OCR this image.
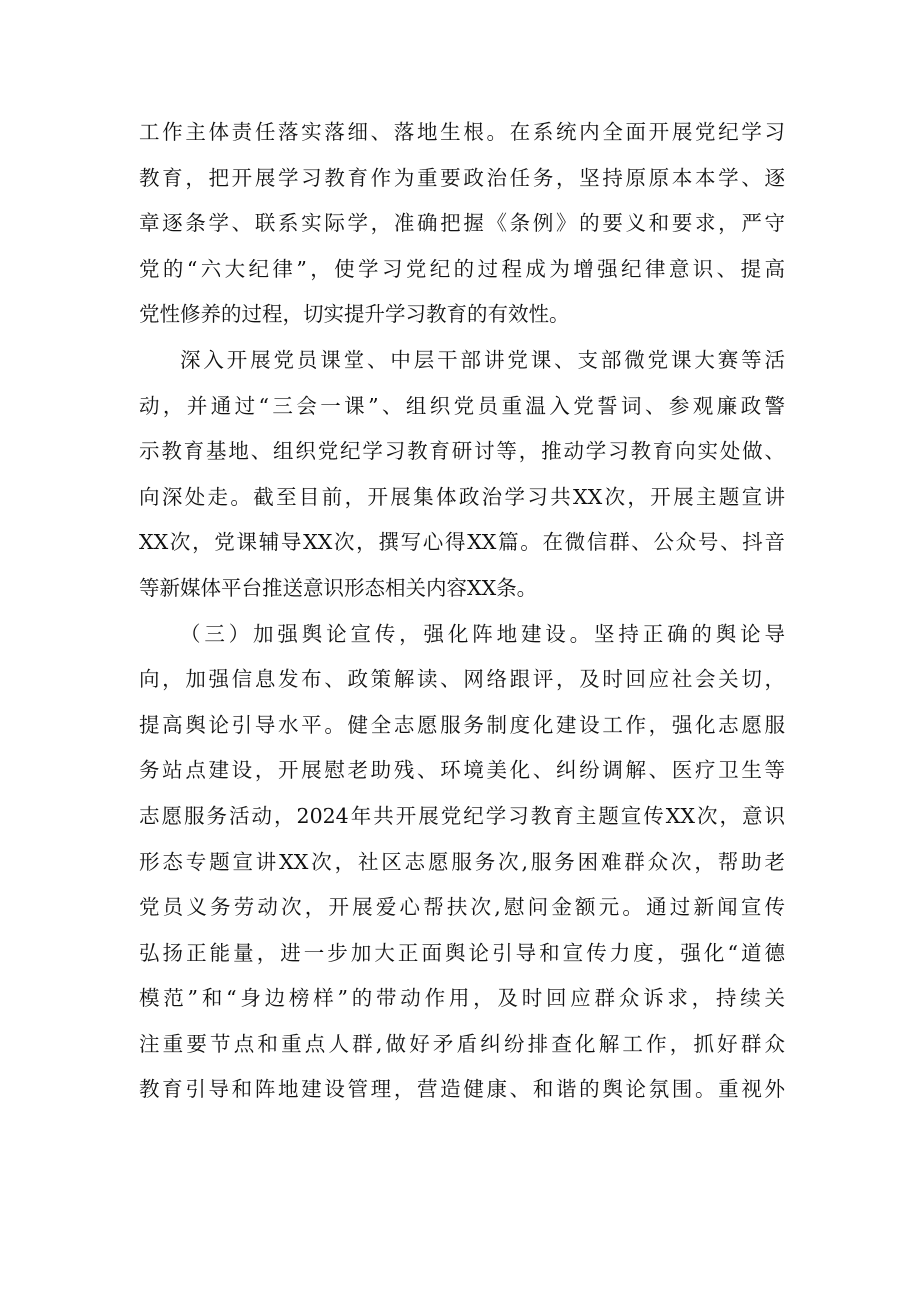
工作主体责任落实落细、落地生根。在系统内全面开展党纪学习
教育，把开展学习教育作为重要政治任务，坚持原原本本学、逐
章逐条学、联系实际学，准确把握《条例》的要义和要求，严守
党的“六大纪律”，使学习党纪的过程成为增强纪律意识、提高
党性修养的过程，切实提升学习教育的有效性。

深入开展党员课堂、中层干部讲党课、支部微党课大赛等活
动，并通过“三会一课”、组织党员重温入党誓词、参观廉政警
示教育基地、组织党纪学习教育研讨等，推动学习教育向实处做、
向深处走。截至目前，开展集体政治学习共XX次，开展主题宣讲
XX次，党课辅导XX次，撰写心得XX篇。在微信群、公众号、抖音
等新媒体平台推送意识形态相关内容XX条。

（三）加强舆论宣传，强化阵地建设。坚持正确的舆论导
向，加强信息发布、政策解读、网络跟评，及时回应社会关切，
提高舆论引导水平。健全志愿服务制度化建设工作，强化志愿服
务站点建设，开展慰老助残、环境美化、纠纷调解、医疗卫生等
志愿服务活动，2024年共开展党纪学习教育主题宣传XX次，意识
形态专题宣讲XX次，社区志愿服务次,服务困难群众次，帮助老
党员义务劳动次，开展爱心帮扶次,慰问金额元。通过新闻宣传
弘扬正能量，进一步加大正面舆论引导和宣传力度，强化“道德
模范”和“身边榜样”的带动作用，及时回应群众诉求，持续关
注重要节点和重点人群,做好矛盾纠纷排查化解工作，抓好群众
教育引导和阵地建设管理，营造健康、和谐的舆论氛围。重视外
